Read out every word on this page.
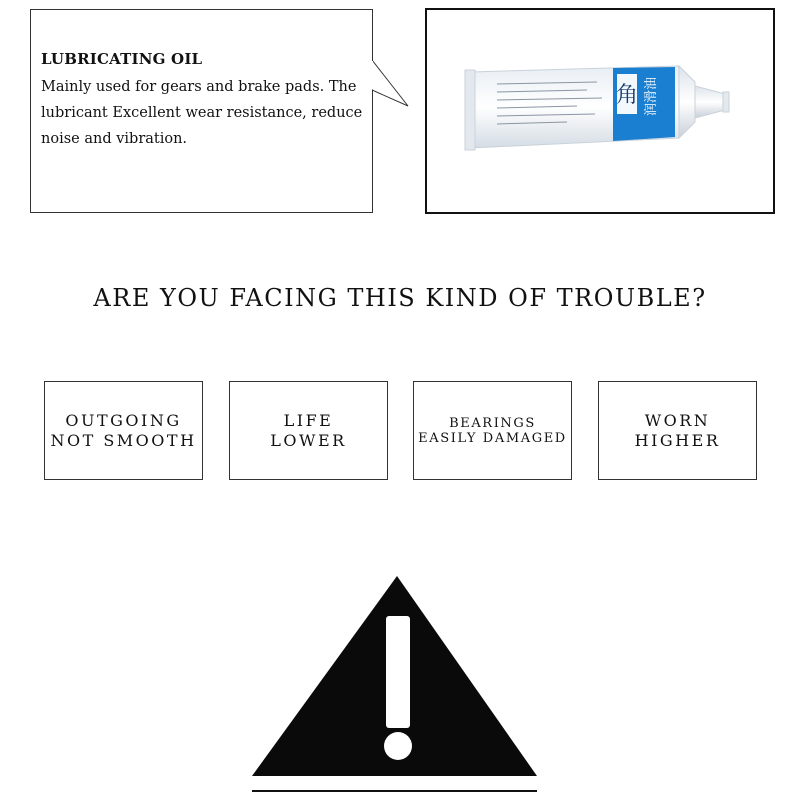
LUBRICATING OIL
Mainly used for gears and brake pads. The lubricant Excellent wear resistance, reduce noise and vibration.
角 润滑油
ARE YOU FACING THIS KIND OF TROUBLE?
OUTGOING
NOT SMOOTH
LIFE
LOWER
BEARINGS
EASILY DAMAGED
WORN
HIGHER
